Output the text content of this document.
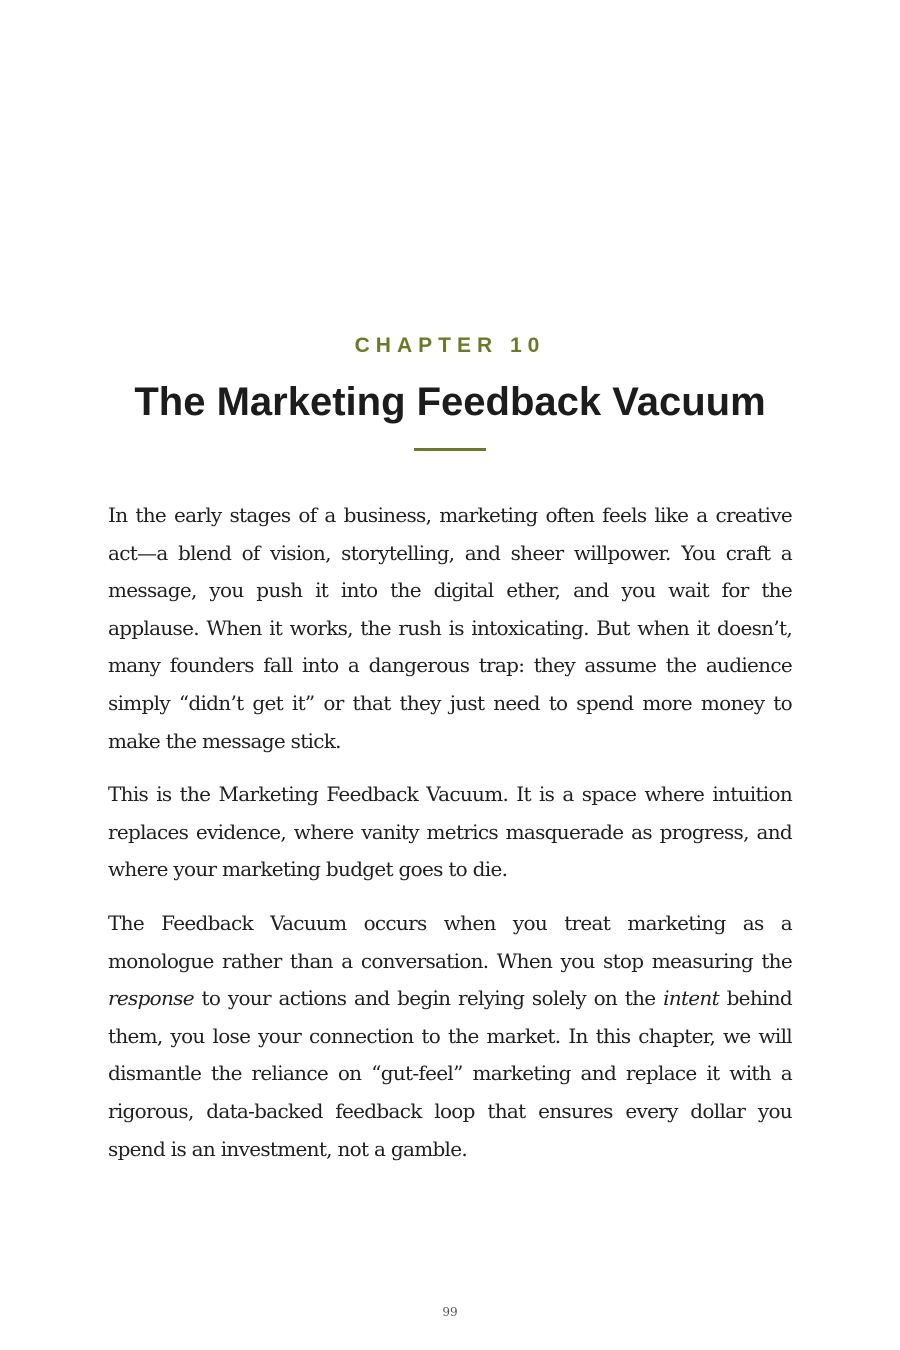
CHAPTER 10
The Marketing Feedback Vacuum

In the early stages of a business, marketing often feels like a creative act—a blend of vision, storytelling, and sheer willpower. You craft a message, you push it into the digital ether, and you wait for the applause. When it works, the rush is intoxicating. But when it doesn’t, many founders fall into a dangerous trap: they assume the audience simply “didn’t get it” or that they just need to spend more money to make the message stick.

This is the Marketing Feedback Vacuum. It is a space where intuition replaces evidence, where vanity metrics masquerade as progress, and where your marketing budget goes to die.

The Feedback Vacuum occurs when you treat marketing as a monologue rather than a conversation. When you stop measuring the response to your actions and begin relying solely on the intent behind them, you lose your connection to the market. In this chapter, we will dismantle the reliance on “gut-feel” marketing and replace it with a rigorous, data-backed feedback loop that ensures every dollar you spend is an investment, not a gamble.

99
